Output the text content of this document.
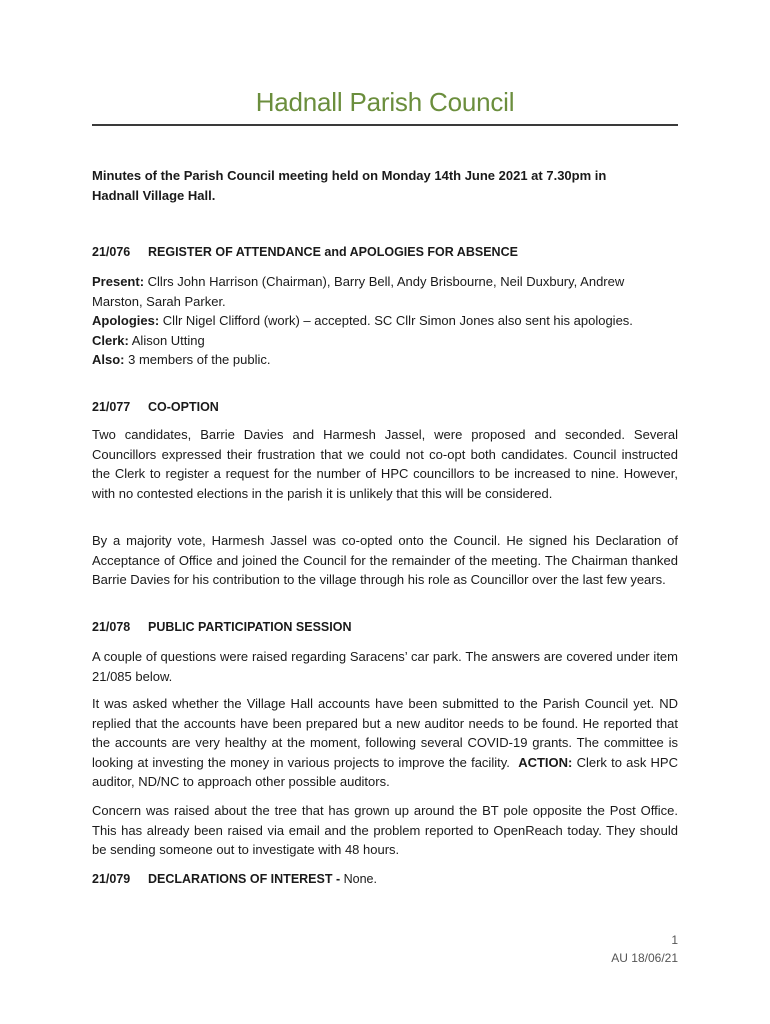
Hadnall Parish Council
Minutes of the Parish Council meeting held on Monday 14th June 2021 at 7.30pm in
Hadnall Village Hall.
21/076 REGISTER OF ATTENDANCE and APOLOGIES FOR ABSENCE
Present: Cllrs John Harrison (Chairman), Barry Bell, Andy Brisbourne, Neil Duxbury, Andrew
Marston, Sarah Parker.
Apologies: Cllr Nigel Clifford (work) – accepted. SC Cllr Simon Jones also sent his apologies.
Clerk: Alison Utting
Also: 3 members of the public.
21/077 CO-OPTION
Two candidates, Barrie Davies and Harmesh Jassel, were proposed and seconded. Several Councillors expressed their frustration that we could not co-opt both candidates. Council instructed the Clerk to register a request for the number of HPC councillors to be increased to nine. However, with no contested elections in the parish it is unlikely that this will be considered.
By a majority vote, Harmesh Jassel was co-opted onto the Council. He signed his Declaration of Acceptance of Office and joined the Council for the remainder of the meeting. The Chairman thanked Barrie Davies for his contribution to the village through his role as Councillor over the last few years.
21/078 PUBLIC PARTICIPATION SESSION
A couple of questions were raised regarding Saracens’ car park. The answers are covered under item 21/085 below.
It was asked whether the Village Hall accounts have been submitted to the Parish Council yet. ND replied that the accounts have been prepared but a new auditor needs to be found. He reported that the accounts are very healthy at the moment, following several COVID-19 grants. The committee is looking at investing the money in various projects to improve the facility. ACTION: Clerk to ask HPC auditor, ND/NC to approach other possible auditors.
Concern was raised about the tree that has grown up around the BT pole opposite the Post Office. This has already been raised via email and the problem reported to OpenReach today. They should be sending someone out to investigate with 48 hours.
21/079 DECLARATIONS OF INTEREST - None.
1
AU 18/06/21
